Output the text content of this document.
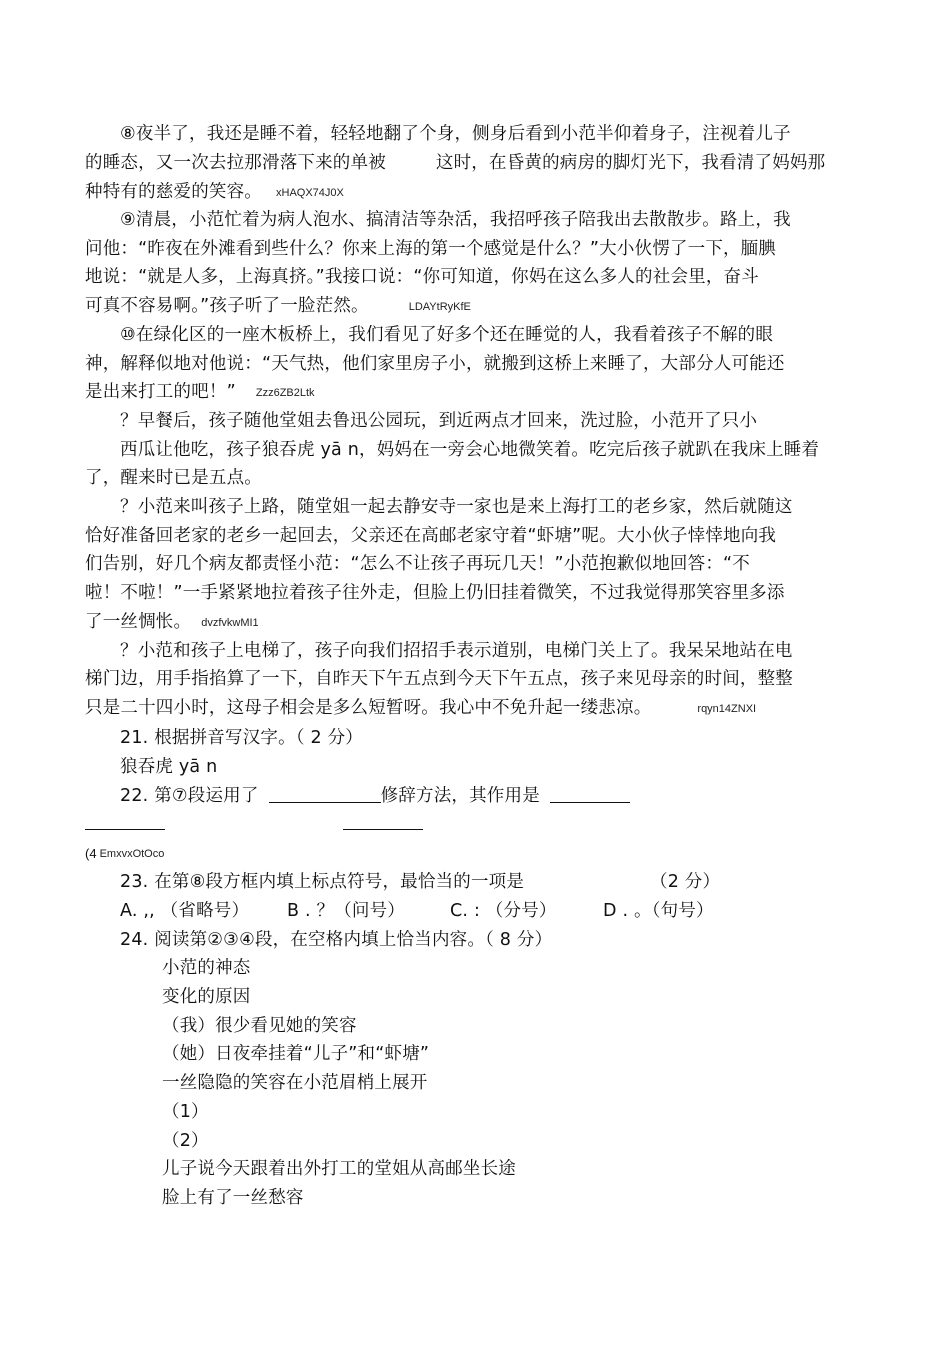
⑧夜半了，我还是睡不着，轻轻地翻了个身，侧身后看到小范半仰着身子，注视着儿子
的睡态，又一次去拉那滑落下来的单被	这时，在昏黄的病房的脚灯光下，我看清了妈妈那
种特有的慈爱的笑容。 xHAQX74J0X
⑨清晨，小范忙着为病人泡水、搞清洁等杂活，我招呼孩子陪我出去散散步。路上，我
问他：“昨夜在外滩看到些什么？你来上海的第一个感觉是什么？”大小伙愣了一下，腼腆
地说：“就是人多，上海真挤。”我接口说：“你可知道，你妈在这么多人的社会里，奋斗
可真不容易啊。”孩子听了一脸茫然。	LDAYtRyKfE
⑩在绿化区的一座木板桥上，我们看见了好多个还在睡觉的人，我看着孩子不解的眼
神，解释似地对他说：“天气热，他们家里房子小，就搬到这桥上来睡了，大部分人可能还
是出来打工的吧！” Zzz6ZB2Ltk
？早餐后，孩子随他堂姐去鲁迅公园玩，到近两点才回来，洗过脸，小范开了只小
西瓜让他吃，孩子狼吞虎 yā n，妈妈在一旁会心地微笑着。吃完后孩子就趴在我床上睡着
了，醒来时已是五点。
？小范来叫孩子上路，随堂姐一起去静安寺一家也是来上海打工的老乡家，然后就随这
恰好准备回老家的老乡一起回去，父亲还在高邮老家守着“虾塘”呢。大小伙子悻悻地向我
们告别，好几个病友都责怪小范：“怎么不让孩子再玩几天！”小范抱歉似地回答：“不
啦！不啦！”一手紧紧地拉着孩子往外走，但脸上仍旧挂着微笑，不过我觉得那笑容里多添
了一丝惆怅。 dvzfvkwMI1
？小范和孩子上电梯了，孩子向我们招招手表示道别，电梯门关上了。我呆呆地站在电
梯门边，用手指掐算了一下，自昨天下午五点到今天下午五点，孩子来见母亲的时间，整整
只是二十四小时，这母子相会是多么短暂呀。我心中不免升起一缕悲凉。	rqyn14ZNXI
21. 根据拼音写汉字。（ 2 分）
狼吞虎 yā n
22. 第⑦段运用了	修辞方法，其作用是
(4 EmxvxOtOco
23. 在第⑧段方框内填上标点符号，最恰当的一项是	（2 分）
A. ,, （省略号） B . ？（问号）	C. : （分号）	D . 。（句号）
24. 阅读第②③④段，在空格内填上恰当内容。（ 8 分）
小范的神态
变化的原因
（我）很少看见她的笑容
（她）日夜牵挂着“儿子”和“虾塘”
一丝隐隐的笑容在小范眉梢上展开
（1）
（2）
儿子说今天跟着出外打工的堂姐从高邮坐长途
脸上有了一丝愁容
